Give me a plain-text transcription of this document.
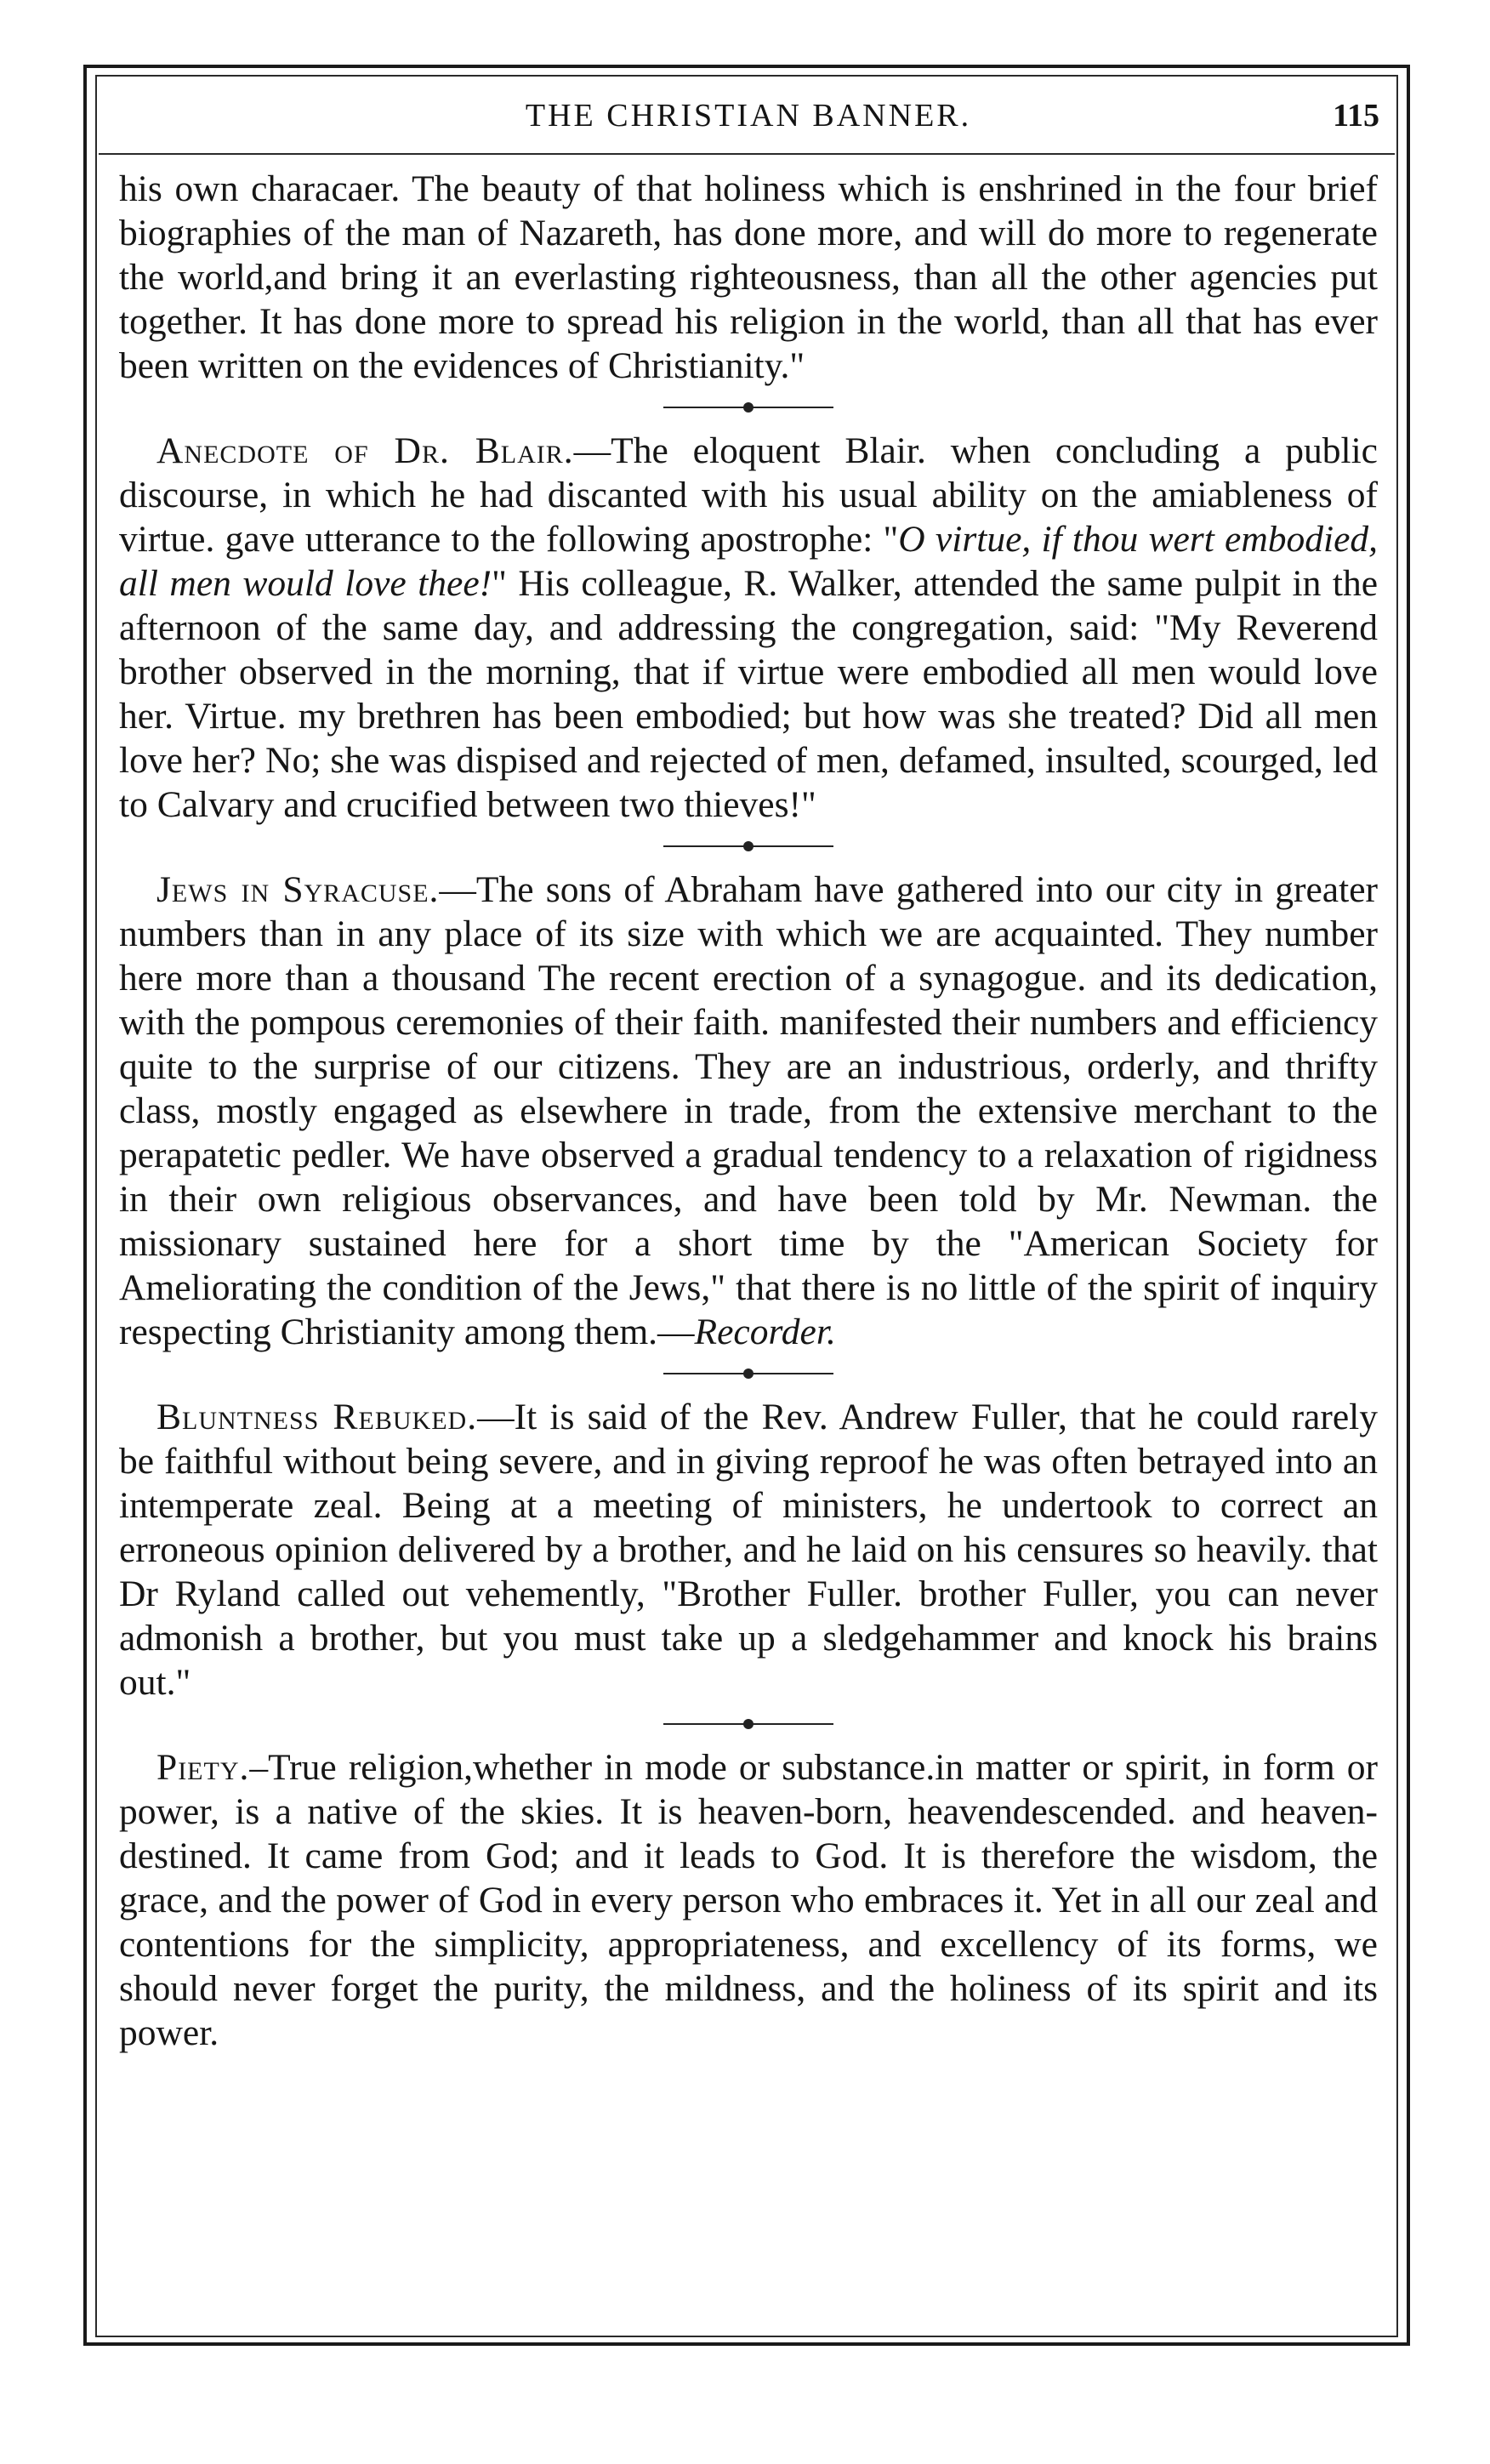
THE CHRISTIAN BANNER.	115

his own characaer. The beauty of that holiness which is enshrined in the four brief biographies of the man of Nazareth, has done more, and will do more to regenerate the world,and bring it an everlasting righteousness, than all the other agencies put together. It has done more to spread his religion in the world, than all that has ever been written on the evidences of Christianity."

Anecdote of Dr. Blair.—The eloquent Blair. when concluding a public discourse, in which he had discanted with his usual ability on the amiableness of virtue. gave utterance to the following apostrophe: "O virtue, if thou wert embodied, all men would love thee!" His colleague, R. Walker, attended the same pulpit in the afternoon of the same day, and addressing the congregation, said: "My Reverend brother observed in the morning, that if virtue were embodied all men would love her. Virtue. my brethren has been embodied; but how was she treated? Did all men love her? No; she was dispised and rejected of men, defamed, insulted, scourged, led to Calvary and crucified between two thieves!"

Jews in Syracuse.—The sons of Abraham have gathered into our city in greater numbers than in any place of its size with which we are acquainted. They number here more than a thousand The recent erection of a synagogue. and its dedication, with the pompous ceremonies of their faith. manifested their numbers and efficiency quite to the surprise of our citizens. They are an industrious, orderly, and thrifty class, mostly engaged as elsewhere in trade, from the extensive merchant to the perapatetic pedler. We have observed a gradual tendency to a relaxation of rigidness in their own religious observances, and have been told by Mr. Newman. the missionary sustained here for a short time by the "American Society for Ameliorating the condition of the Jews," that there is no little of the spirit of inquiry respecting Christianity among them.—Recorder.

Bluntness Rebuked.—It is said of the Rev. Andrew Fuller, that he could rarely be faithful without being severe, and in giving reproof he was often betrayed into an intemperate zeal. Being at a meeting of ministers, he undertook to correct an erroneous opinion delivered by a brother, and he laid on his censures so heavily. that Dr Ryland called out vehemently, "Brother Fuller. brother Fuller, you can never admonish a brother, but you must take up a sledgehammer and knock his brains out."

Piety.–True religion,whether in mode or substance.in matter or spirit, in form or power, is a native of the skies. It is heaven-born, heavendescended. and heaven-destined. It came from God; and it leads to God. It is therefore the wisdom, the grace, and the power of God in every person who embraces it. Yet in all our zeal and contentions for the simplicity, appropriateness, and excellency of its forms, we should never forget the purity, the mildness, and the holiness of its spirit and its power.
